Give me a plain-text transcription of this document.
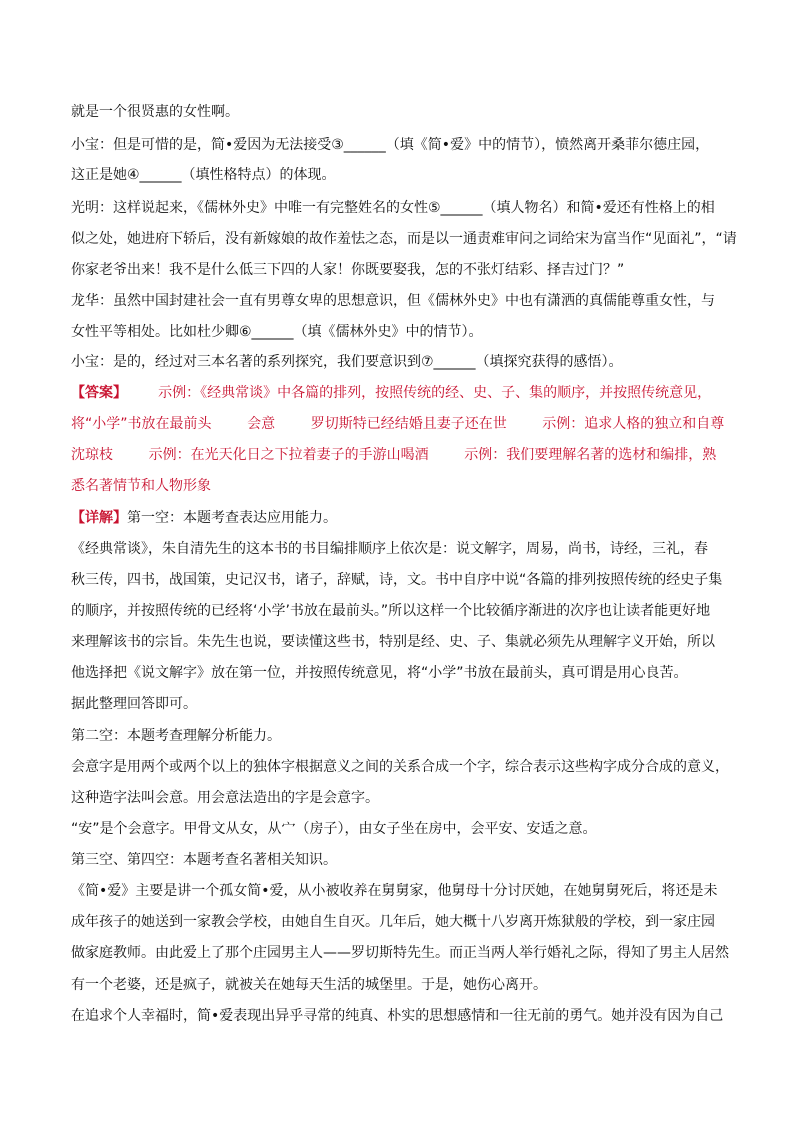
就是一个很贤惠的女性啊。
小宝：但是可惜的是，简•爱因为无法接受③______（填《简•爱》中的情节），愤然离开桑菲尔德庄园，
这正是她④______（填性格特点）的体现。
光明：这样说起来，《儒林外史》中唯一有完整姓名的女性⑤______（填人物名）和简•爱还有性格上的相
似之处，她进府下轿后，没有新嫁娘的故作羞怯之态，而是以一通责难审问之词给宋为富当作“见面礼”，“请
你家老爷出来！我不是什么低三下四的人家！你既要娶我，怎的不张灯结彩、择吉过门？”
龙华：虽然中国封建社会一直有男尊女卑的思想意识，但《儒林外史》中也有潇洒的真儒能尊重女性，与
女性平等相处。比如杜少卿⑥______（填《儒林外史》中的情节）。
小宝：是的，经过对三本名著的系列探究，我们要意识到⑦______（填探究获得的感悟）。
【答案】       示例：《经典常谈》中各篇的排列，按照传统的经、史、子、集的顺序，并按照传统意见，
将“小学”书放在最前头        会意        罗切斯特已经结婚且妻子还在世        示例：追求人格的独立和自尊
沈琼枝        示例：在光天化日之下拉着妻子的手游山喝酒        示例：我们要理解名著的选材和编排，熟
悉名著情节和人物形象
【详解】第一空：本题考查表达应用能力。
《经典常谈》，朱自清先生的这本书的书目编排顺序上依次是：说文解字，周易，尚书，诗经，三礼，春
秋三传，四书，战国策，史记汉书，诸子，辞赋，诗，文。书中自序中说“各篇的排列按照传统的经史子集
的顺序，并按照传统的已经将‘小学’书放在最前头。”所以这样一个比较循序渐进的次序也让读者能更好地
来理解该书的宗旨。朱先生也说，要读懂这些书，特别是经、史、子、集就必须先从理解字义开始，所以
他选择把《说文解字》放在第一位，并按照传统意见，将“小学”书放在最前头，真可谓是用心良苦。
据此整理回答即可。
第二空：本题考查理解分析能力。
会意字是用两个或两个以上的独体字根据意义之间的关系合成一个字，综合表示这些构字成分合成的意义，
这种造字法叫会意。用会意法造出的字是会意字。
“安”是个会意字。甲骨文从女，从宀（房子），由女子坐在房中，会平安、安适之意。
第三空、第四空：本题考查名著相关知识。
《简•爱》主要是讲一个孤女简•爱，从小被收养在舅舅家，他舅母十分讨厌她，在她舅舅死后，将还是未
成年孩子的她送到一家教会学校，由她自生自灭。几年后，她大概十八岁离开炼狱般的学校，到一家庄园
做家庭教师。由此爱上了那个庄园男主人——罗切斯特先生。而正当两人举行婚礼之际，得知了男主人居然
有一个老婆，还是疯子，就被关在她每天生活的城堡里。于是，她伤心离开。
在追求个人幸福时，简•爱表现出异乎寻常的纯真、朴实的思想感情和一往无前的勇气。她并没有因为自己
